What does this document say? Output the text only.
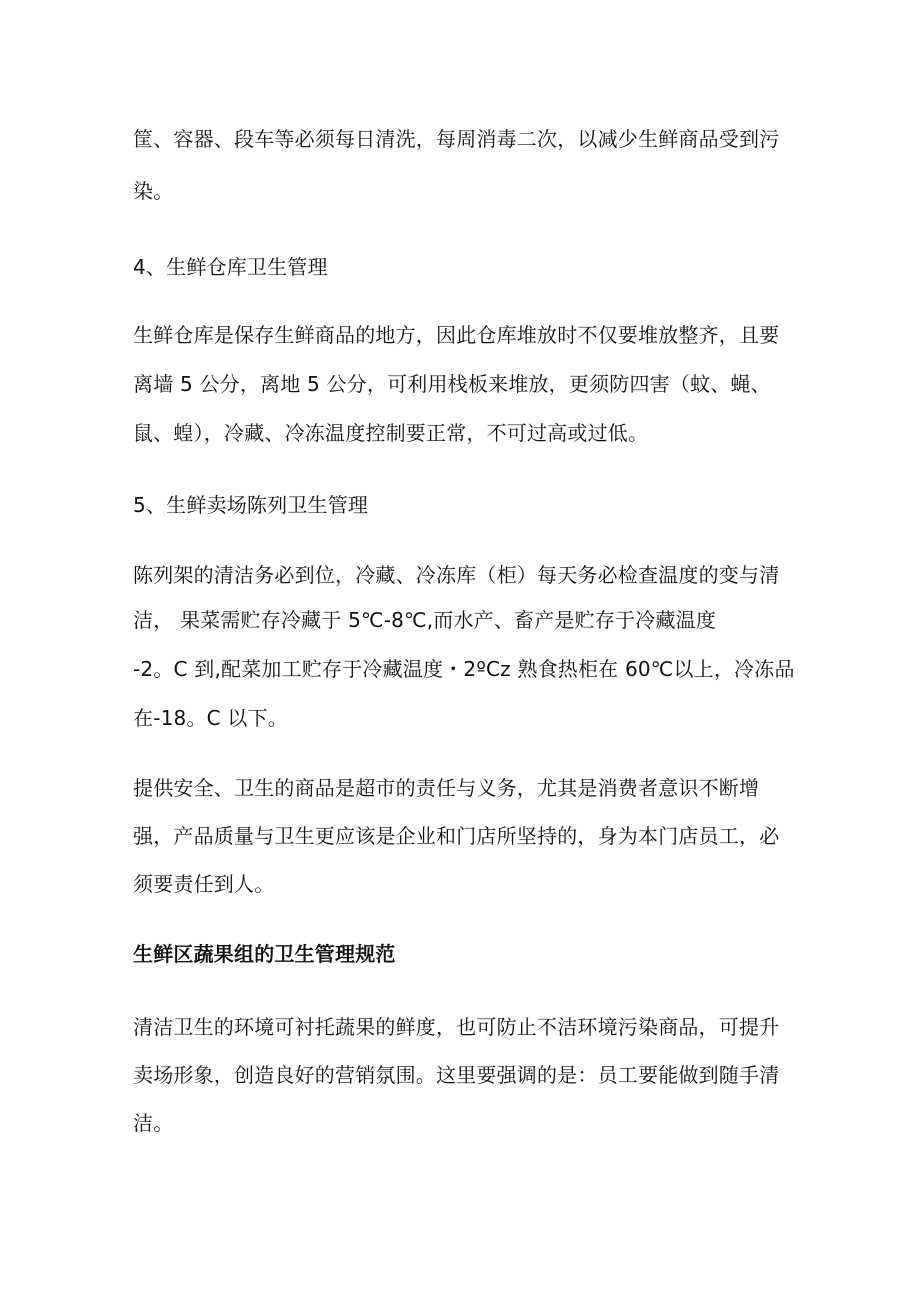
筐、容器、段车等必须每日清洗，每周消毒二次，以减少生鲜商品受到污
染。
4、生鲜仓库卫生管理
生鲜仓库是保存生鲜商品的地方，因此仓库堆放时不仅要堆放整齐，且要
离墙 5 公分，离地 5 公分，可利用栈板来堆放，更须防四害（蚊、蝇、
鼠、蝗），冷藏、冷冻温度控制要正常，不可过高或过低。
5、生鲜卖场陈列卫生管理
陈列架的清洁务必到位，冷藏、冷冻库（柜）每天务必检查温度的变与清
洁， 果菜需贮存冷藏于 5℃-8℃,而水产、畜产是贮存于冷藏温度
-2。C 到,配菜加工贮存于冷藏温度・2ºCz 熟食热柜在 60℃以上，冷冻品
在-18。C 以下。
提供安全、卫生的商品是超市的责任与义务，尤其是消费者意识不断增
强，产品质量与卫生更应该是企业和门店所坚持的，身为本门店员工，必
须要责任到人。
生鲜区蔬果组的卫生管理规范
清洁卫生的环境可衬托蔬果的鲜度，也可防止不洁环境污染商品，可提升
卖场形象，创造良好的营销氛围。这里要强调的是：员工要能做到随手清
洁。
